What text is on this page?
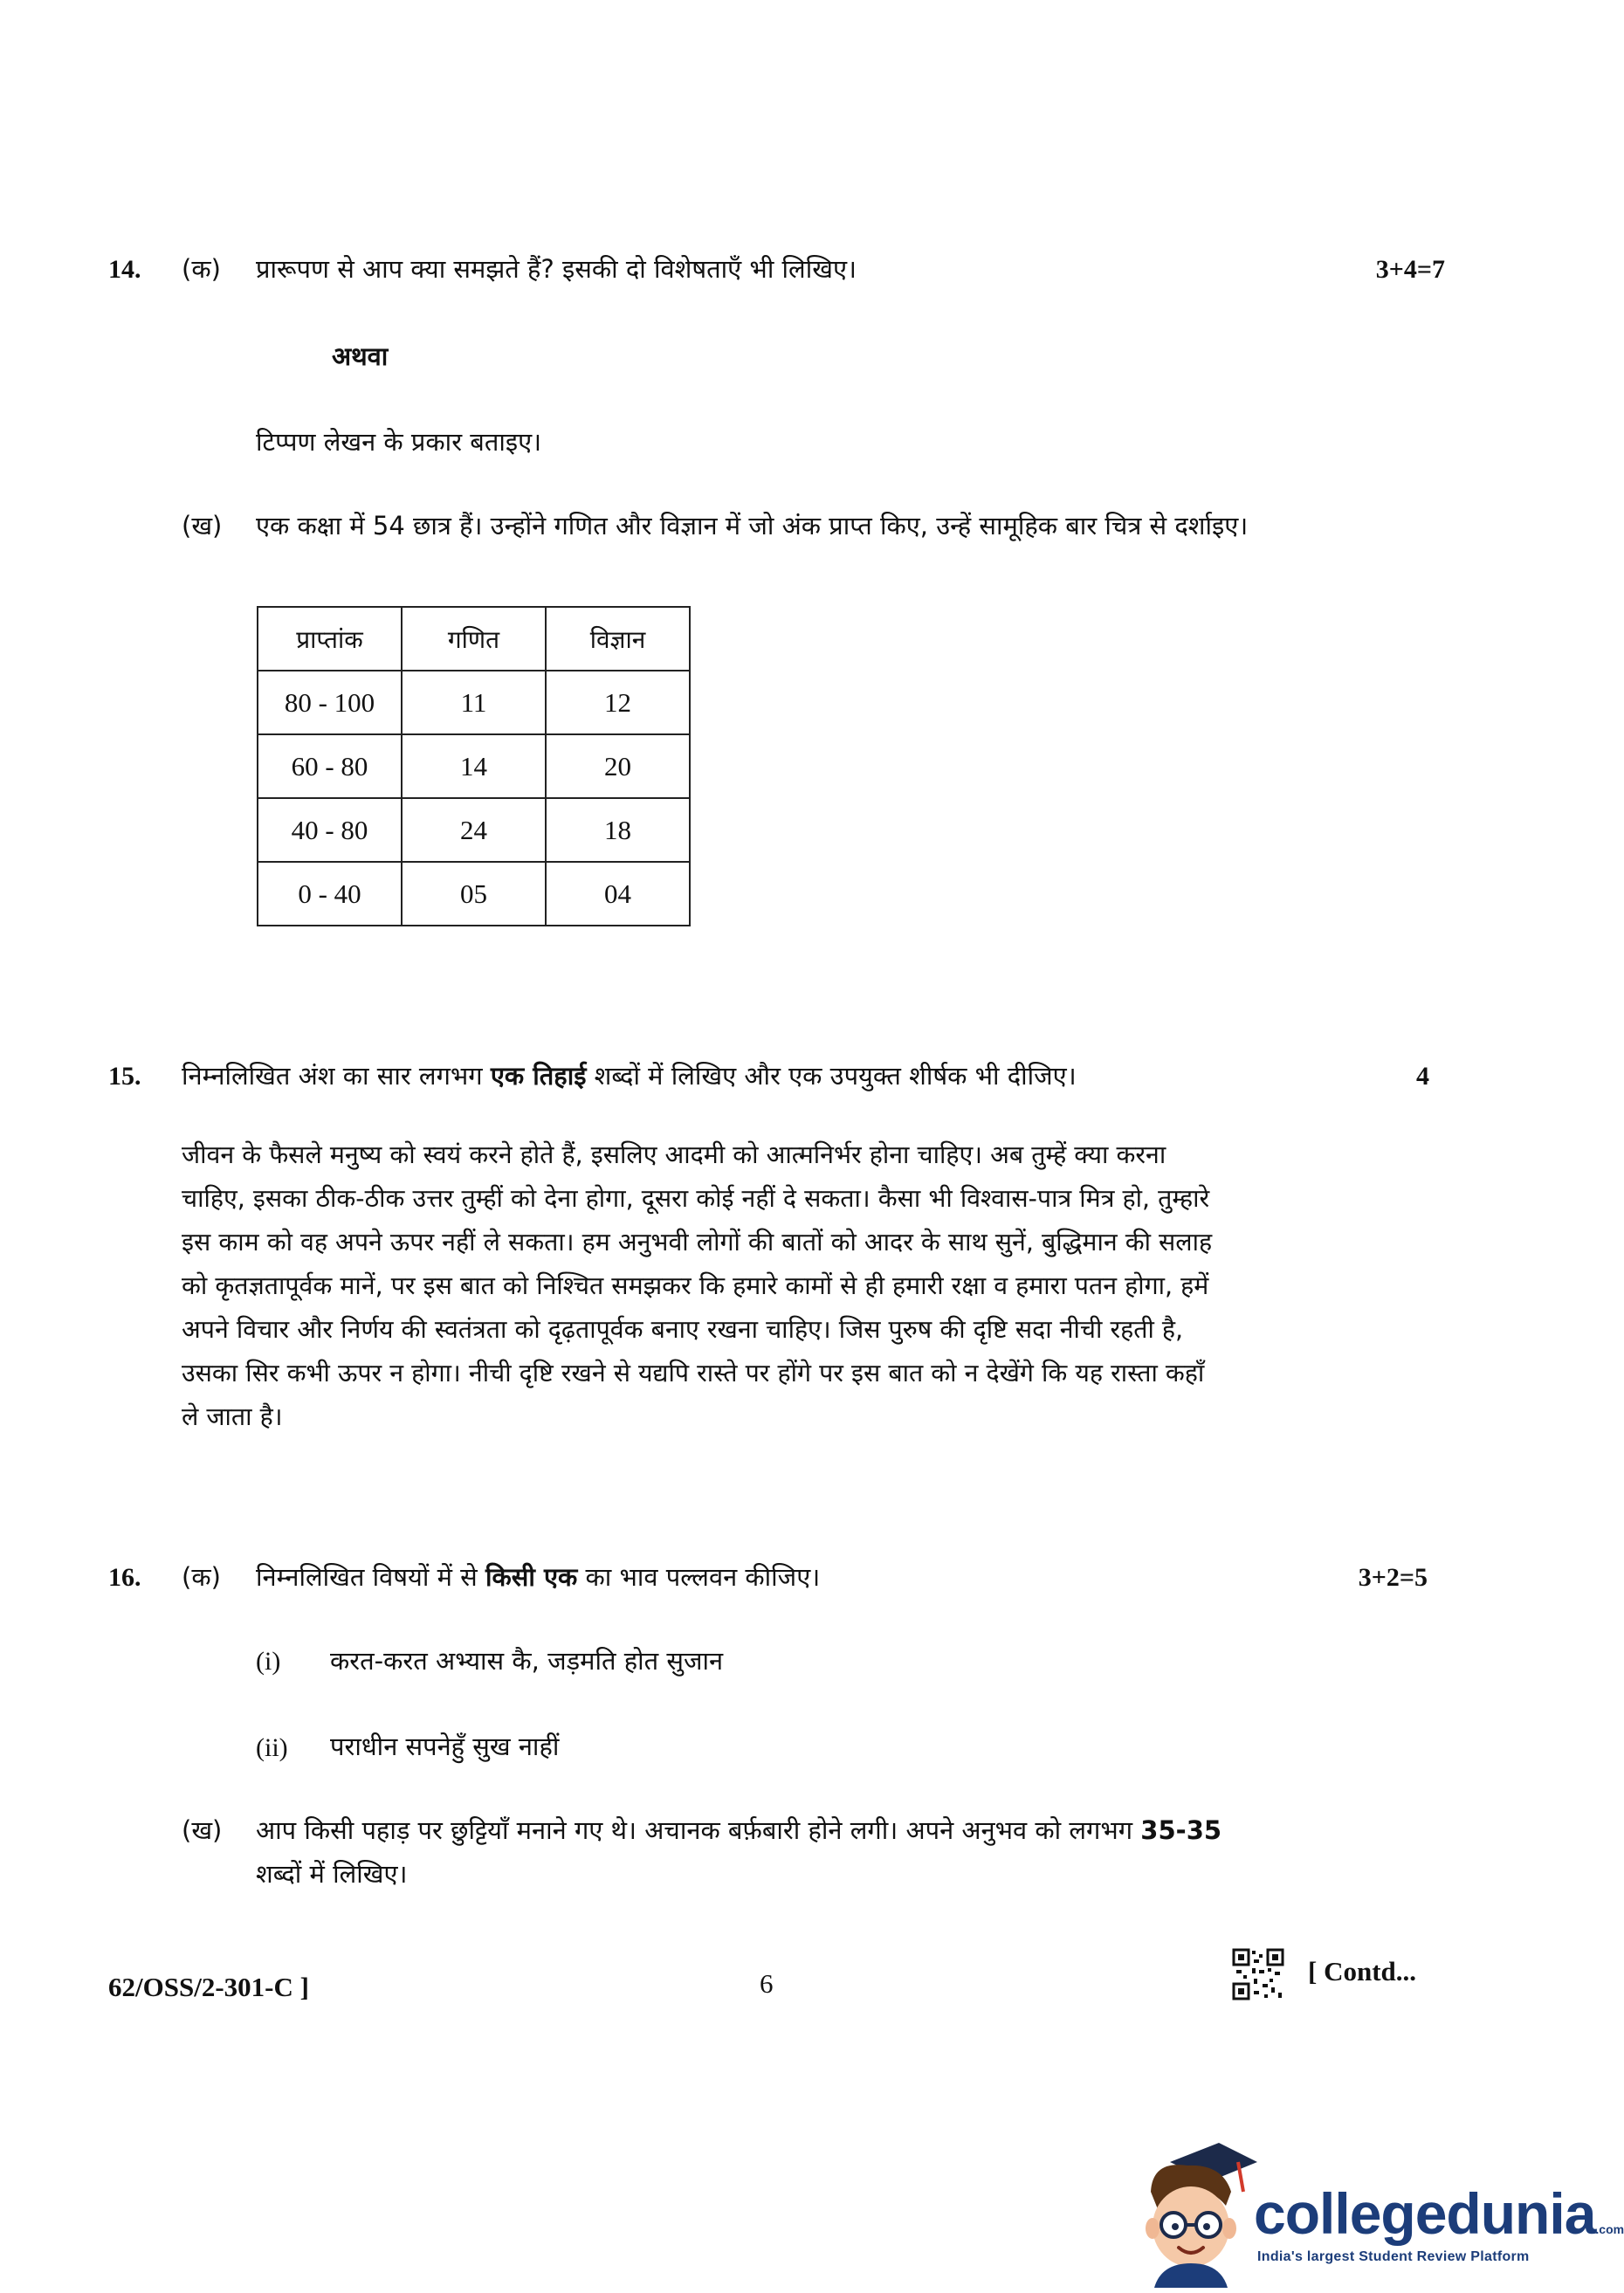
14. (क) प्रारूपण से आप क्या समझते हैं? इसकी दो विशेषताएँ भी लिखिए।	3+4=7
अथवा
टिप्पण लेखन के प्रकार बताइए।
(ख) एक कक्षा में 54 छात्र हैं। उन्होंने गणित और विज्ञान में जो अंक प्राप्त किए, उन्हें सामूहिक बार चित्र से दर्शाइए।
प्राप्तांक	गणित	विज्ञान
80 - 100	11	12
60 - 80	14	20
40 - 80	24	18
0 - 40	05	04
15. निम्नलिखित अंश का सार लगभग एक तिहाई शब्दों में लिखिए और एक उपयुक्त शीर्षक भी दीजिए।	4
जीवन के फैसले मनुष्य को स्वयं करने होते हैं, इसलिए आदमी को आत्मनिर्भर होना चाहिए। अब तुम्हें क्या करना
चाहिए, इसका ठीक-ठीक उत्तर तुम्हीं को देना होगा, दूसरा कोई नहीं दे सकता। कैसा भी विश्वास-पात्र मित्र हो, तुम्हारे
इस काम को वह अपने ऊपर नहीं ले सकता। हम अनुभवी लोगों की बातों को आदर के साथ सुनें, बुद्धिमान की सलाह
को कृतज्ञतापूर्वक मानें, पर इस बात को निश्चित समझकर कि हमारे कामों से ही हमारी रक्षा व हमारा पतन होगा, हमें
अपने विचार और निर्णय की स्वतंत्रता को दृढ़तापूर्वक बनाए रखना चाहिए। जिस पुरुष की दृष्टि सदा नीची रहती है,
उसका सिर कभी ऊपर न होगा। नीची दृष्टि रखने से यद्यपि रास्ते पर होंगे पर इस बात को न देखेंगे कि यह रास्ता कहाँ
ले जाता है।
16. (क) निम्नलिखित विषयों में से किसी एक का भाव पल्लवन कीजिए।	3+2=5
(i) करत-करत अभ्यास कै, जड़मति होत सुजान
(ii) पराधीन सपनेहुँ सुख नाहीं
(ख) आप किसी पहाड़ पर छुट्टियाँ मनाने गए थे। अचानक बर्फ़बारी होने लगी। अपने अनुभव को लगभग 35-35
शब्दों में लिखिए।
62/OSS/2-301-C ]	6	[ Contd...
collegedunia.com
India's largest Student Review Platform
